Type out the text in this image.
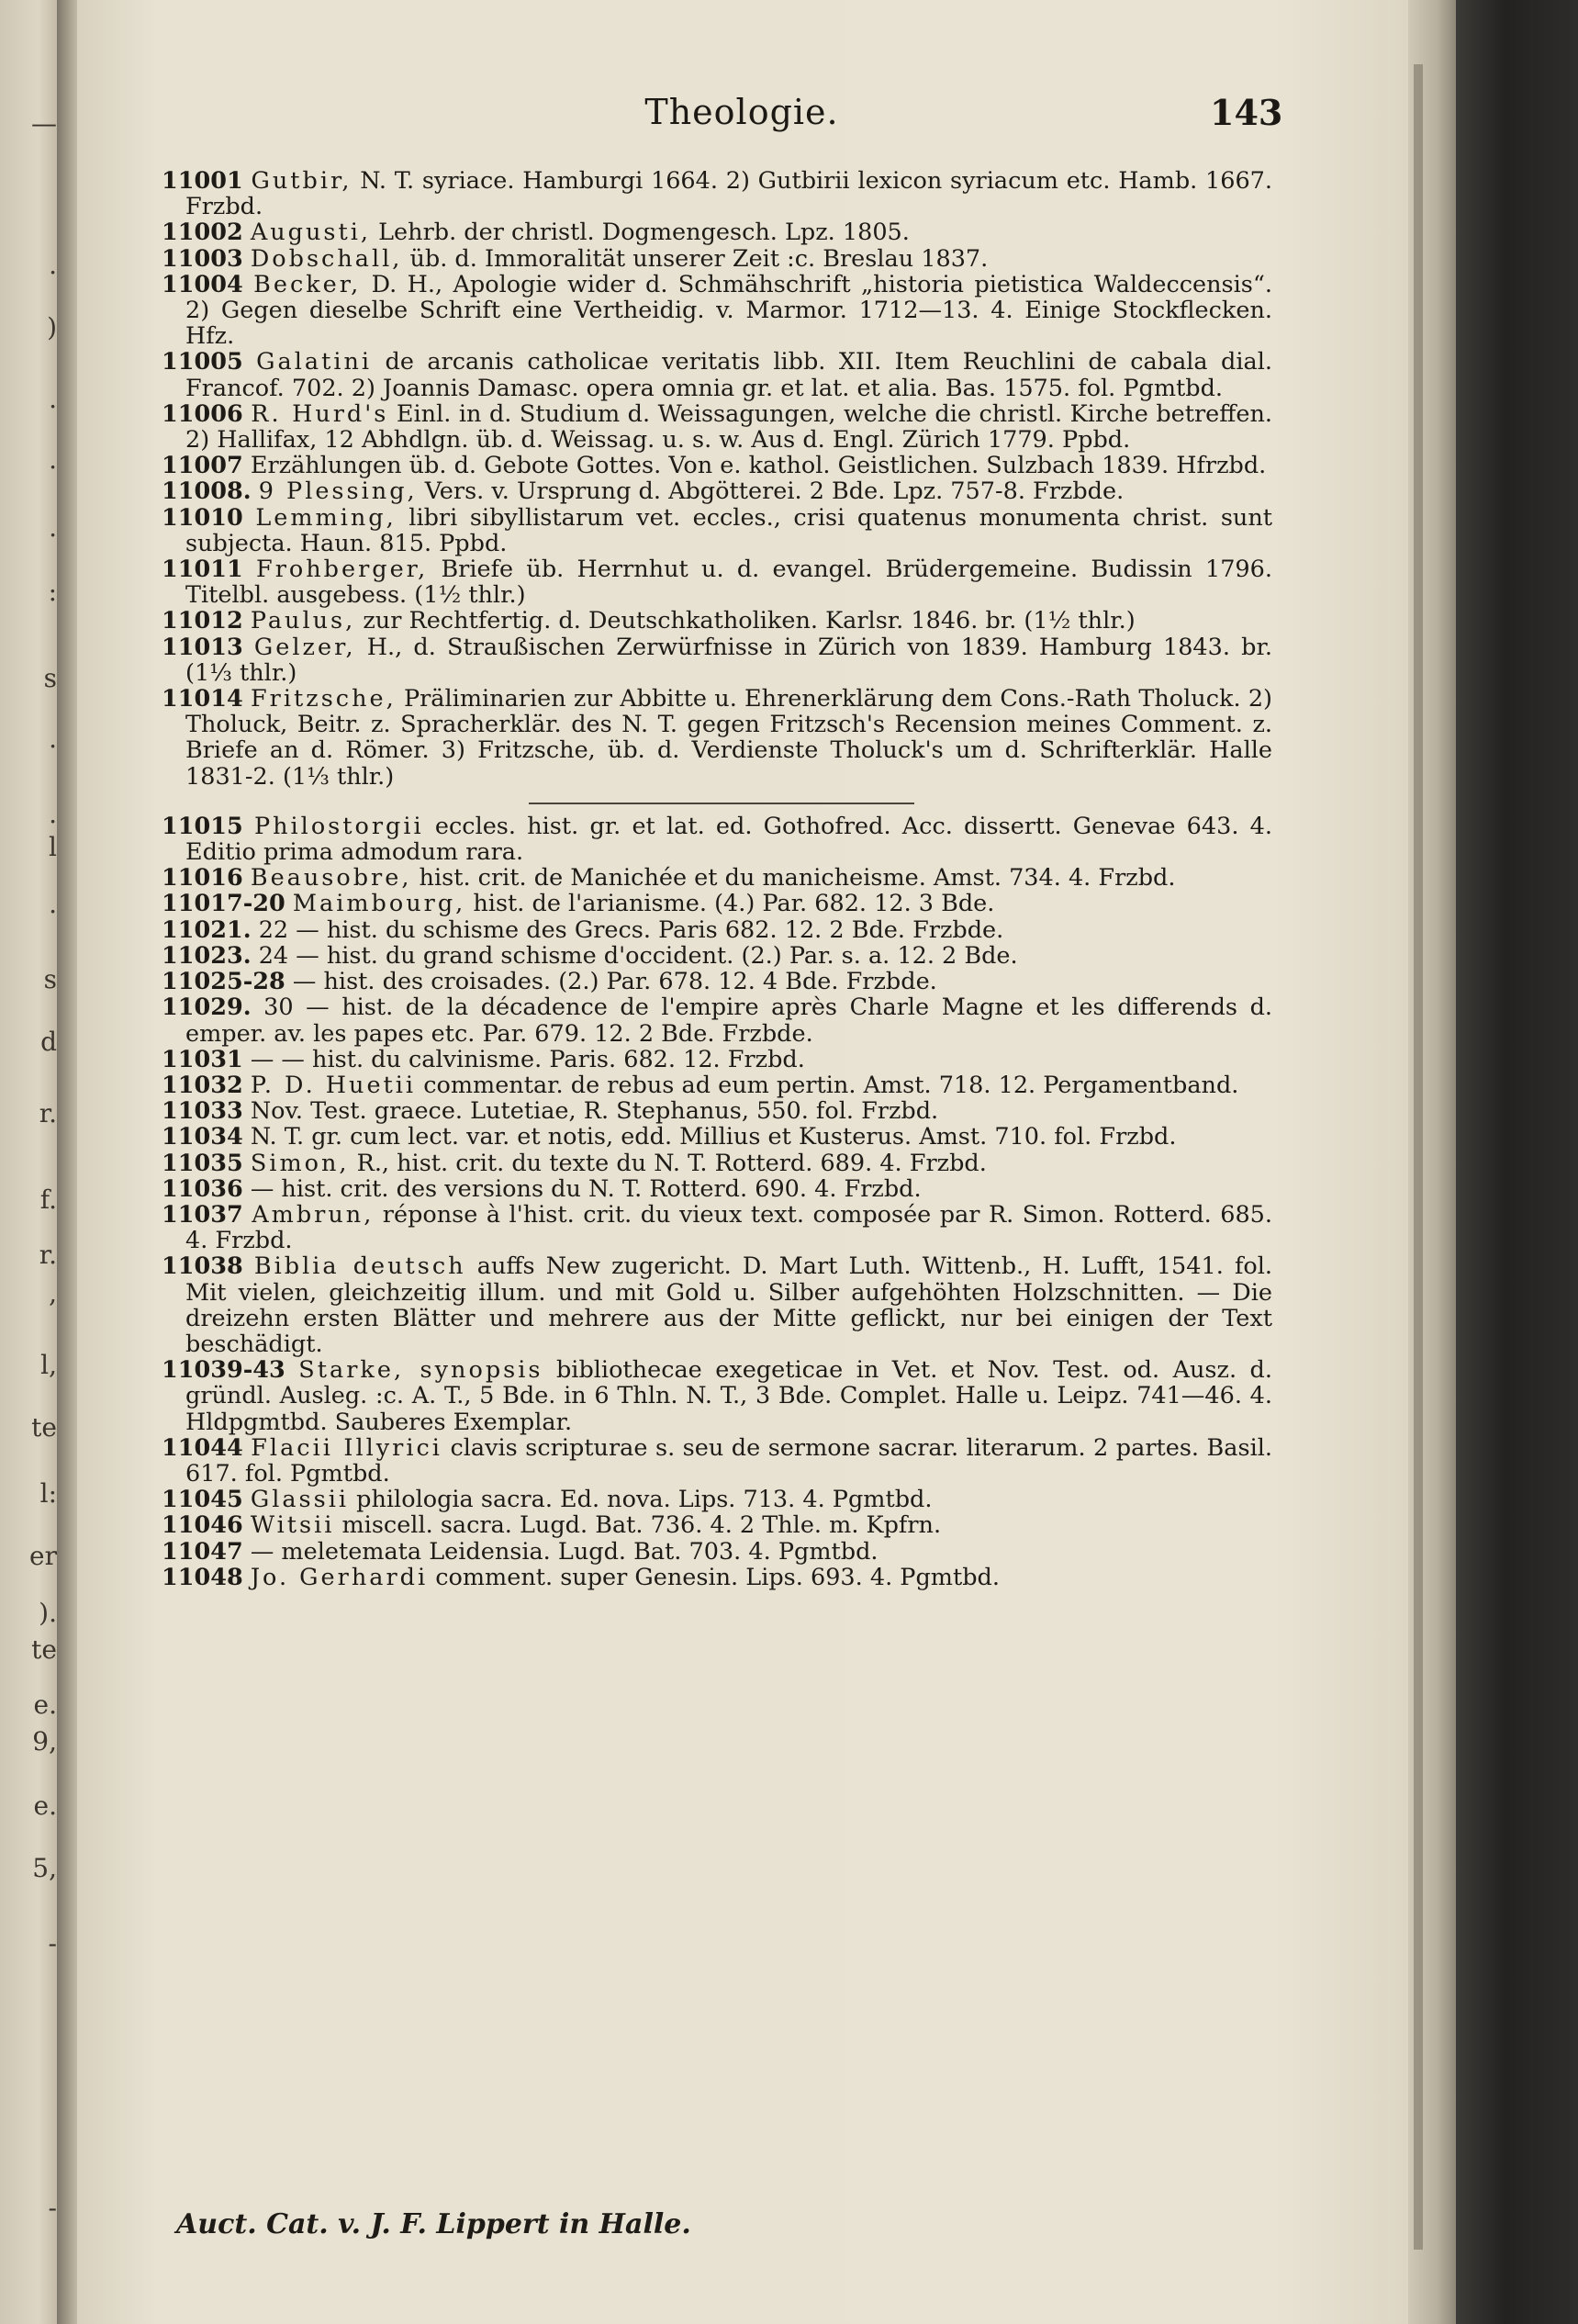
—
.
)
.
.
.
:
s
.
.
l
.
s
d
r.
f.
r.
,
l,
te
l:
er
).
te
e.
9,
e.
5,
-
-
Theologie.	143

11001 Gutbir, N. T. syriace. Hamburgi 1664. 2) Gutbirii lexicon syriacum etc. Hamb. 1667. Frzbd.

11002 Augusti, Lehrb. der christl. Dogmengesch. Lpz. 1805.

11003 Dobschall, üb. d. Immoralität unserer Zeit :c. Breslau 1837.

11004 Becker, D. H., Apologie wider d. Schmähschrift „historia pietistica Waldeccensis“. 2) Gegen dieselbe Schrift eine Vertheidig. v. Marmor. 1712—13. 4. Einige Stockflecken. Hfz.

11005 Galatini de arcanis catholicae veritatis libb. XII. Item Reuchlini de cabala dial. Francof. 702. 2) Joannis Damasc. opera omnia gr. et lat. et alia. Bas. 1575. fol. Pgmtbd.

11006 R. Hurd's Einl. in d. Studium d. Weissagungen, welche die christl. Kirche betreffen. 2) Hallifax, 12 Abhdlgn. üb. d. Weissag. u. s. w. Aus d. Engl. Zürich 1779. Ppbd.

11007 Erzählungen üb. d. Gebote Gottes. Von e. kathol. Geistlichen. Sulzbach 1839. Hfrzbd.

11008. 9 Plessing, Vers. v. Ursprung d. Abgötterei. 2 Bde. Lpz. 757-8. Frzbde.

11010 Lemming, libri sibyllistarum vet. eccles., crisi quatenus monumenta christ. sunt subjecta. Haun. 815. Ppbd.

11011 Frohberger, Briefe üb. Herrnhut u. d. evangel. Brüdergemeine. Budissin 1796. Titelbl. ausgebess. (1½ thlr.)

11012 Paulus, zur Rechtfertig. d. Deutschkatholiken. Karlsr. 1846. br. (1½ thlr.)

11013 Gelzer, H., d. Straußischen Zerwürfnisse in Zürich von 1839. Hamburg 1843. br. (1⅓ thlr.)

11014 Fritzsche, Präliminarien zur Abbitte u. Ehrenerklärung dem Cons.-Rath Tholuck. 2) Tholuck, Beitr. z. Spracherklär. des N. T. gegen Fritzsch's Recension meines Comment. z. Briefe an d. Römer. 3) Fritzsche, üb. d. Verdienste Tholuck's um d. Schrifterklär. Halle 1831-2. (1⅓ thlr.)

11015 Philostorgii eccles. hist. gr. et lat. ed. Gothofred. Acc. dissertt. Genevae 643. 4. Editio prima admodum rara.

11016 Beausobre, hist. crit. de Manichée et du manicheisme. Amst. 734. 4. Frzbd.

11017-20 Maimbourg, hist. de l'arianisme. (4.) Par. 682. 12. 3 Bde.

11021. 22 — hist. du schisme des Grecs. Paris 682. 12. 2 Bde. Frzbde.

11023. 24 — hist. du grand schisme d'occident. (2.) Par. s. a. 12. 2 Bde.

11025-28 — hist. des croisades. (2.) Par. 678. 12. 4 Bde. Frzbde.

11029. 30 — hist. de la décadence de l'empire après Charle Magne et les differends d. emper. av. les papes etc. Par. 679. 12. 2 Bde. Frzbde.

11031 — — hist. du calvinisme. Paris. 682. 12. Frzbd.

11032 P. D. Huetii commentar. de rebus ad eum pertin. Amst. 718. 12. Pergamentband.

11033 Nov. Test. graece. Lutetiae, R. Stephanus, 550. fol. Frzbd.

11034 N. T. gr. cum lect. var. et notis, edd. Millius et Kusterus. Amst. 710. fol. Frzbd.

11035 Simon, R., hist. crit. du texte du N. T. Rotterd. 689. 4. Frzbd.

11036 — hist. crit. des versions du N. T. Rotterd. 690. 4. Frzbd.

11037 Ambrun, réponse à l'hist. crit. du vieux text. composée par R. Simon. Rotterd. 685. 4. Frzbd.

11038 Biblia deutsch auffs New zugericht. D. Mart Luth. Wittenb., H. Lufft, 1541. fol. Mit vielen, gleichzeitig illum. und mit Gold u. Silber aufgehöhten Holzschnitten. — Die dreizehn ersten Blätter und mehrere aus der Mitte geflickt, nur bei einigen der Text beschädigt.

11039-43 Starke, synopsis bibliothecae exegeticae in Vet. et Nov. Test. od. Ausz. d. gründl. Ausleg. :c. A. T., 5 Bde. in 6 Thln. N. T., 3 Bde. Complet. Halle u. Leipz. 741—46. 4. Hldpgmtbd. Sauberes Exemplar.

11044 Flacii Illyrici clavis scripturae s. seu de sermone sacrar. literarum. 2 partes. Basil. 617. fol. Pgmtbd.

11045 Glassii philologia sacra. Ed. nova. Lips. 713. 4. Pgmtbd.

11046 Witsii miscell. sacra. Lugd. Bat. 736. 4. 2 Thle. m. Kpfrn.

11047 — meletemata Leidensia. Lugd. Bat. 703. 4. Pgmtbd.

11048 Jo. Gerhardi comment. super Genesin. Lips. 693. 4. Pgmtbd.

Auct. Cat. v. J. F. Lippert in Halle.
